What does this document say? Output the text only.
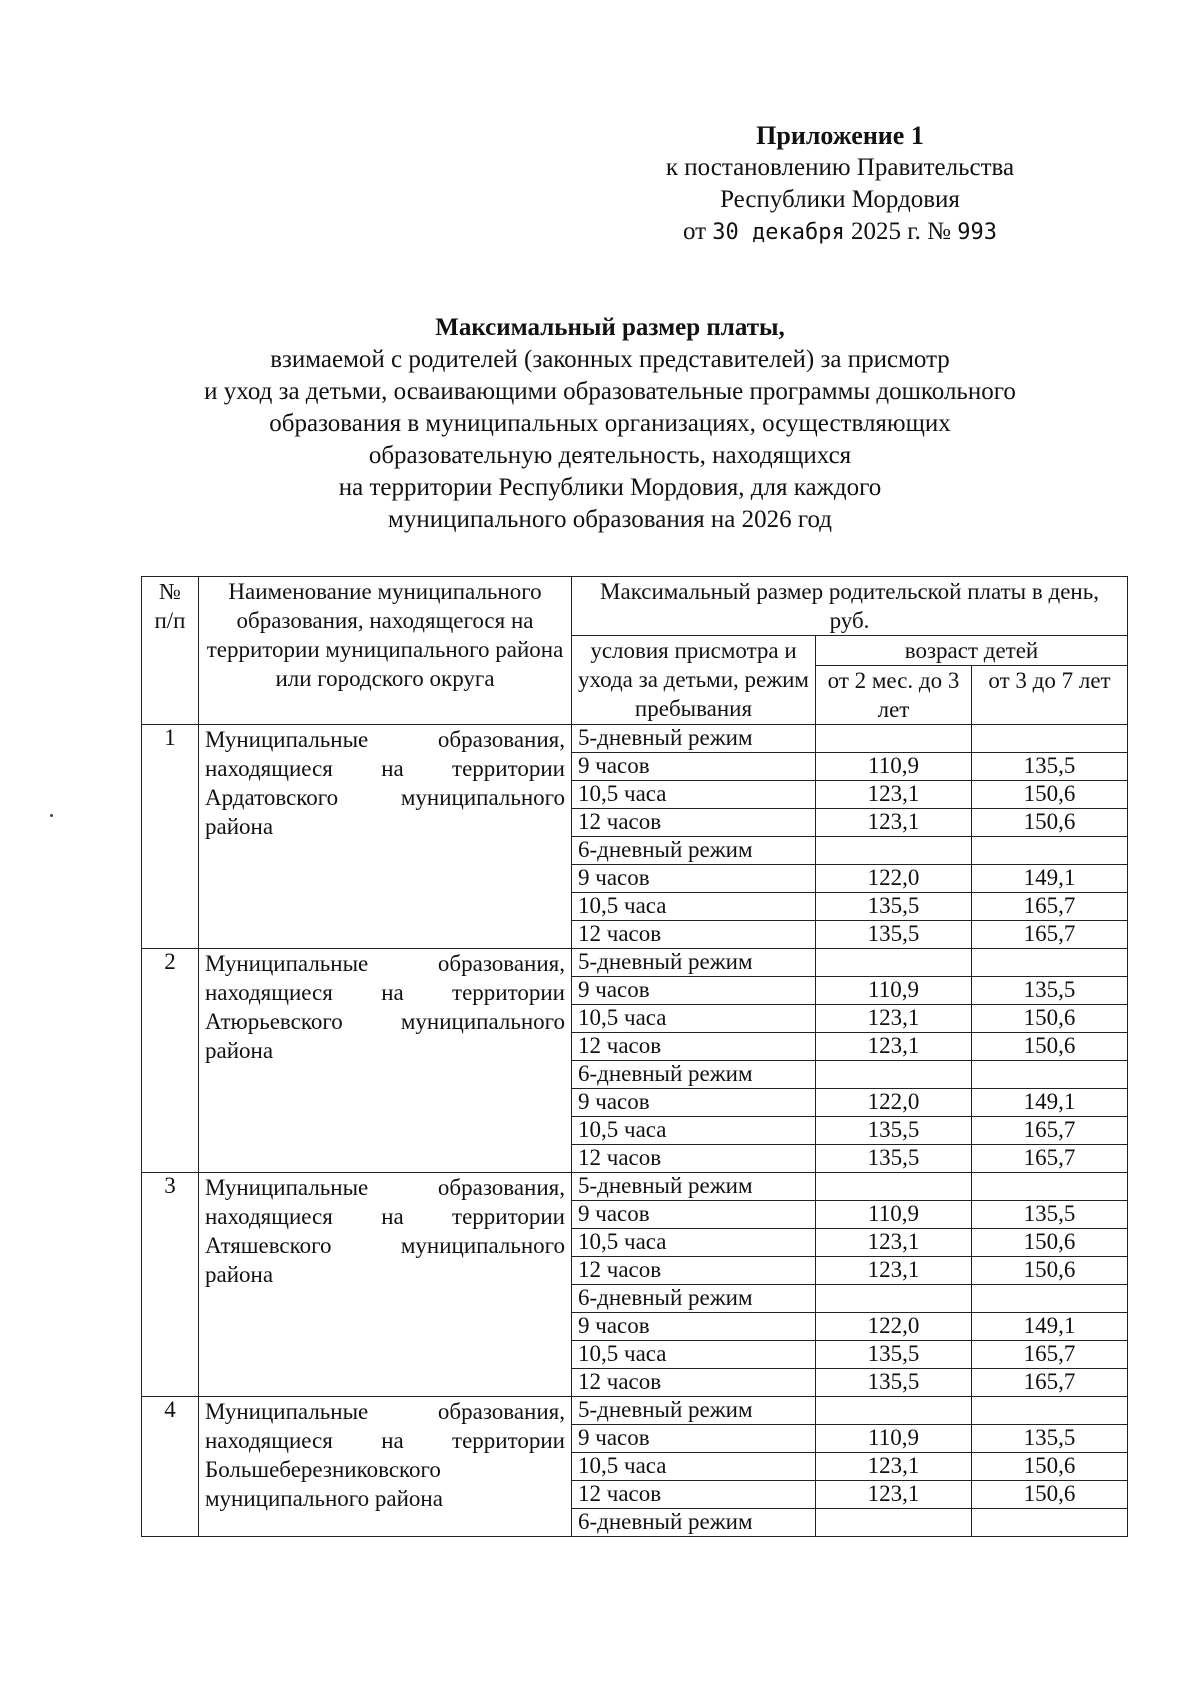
Приложение 1
к постановлению Правительства
Республики Мордовия
от 30 декабря 2025 г. № 993
Максимальный размер платы,
взимаемой с родителей (законных представителей) за присмотр
и уход за детьми, осваивающими образовательные программы дошкольного
образования в муниципальных организациях, осуществляющих
образовательную деятельность, находящихся
на территории Республики Мордовия, для каждого
муниципального образования на 2026 год
№ п/п	Наименование муниципального образования, находящегося на территории муниципального района или городского округа	Максимальный размер родительской платы в день, руб.		
		условия присмотра и ухода за детьми, режим пребывания	возраст детей	
			от 2 мес. до 3 лет	от 3 до 7 лет
1	Муниципальные образования, находящиеся на территории Ардатовского муниципального района	5-дневный режим		
		9 часов	110,9	135,5
		10,5 часа	123,1	150,6
		12 часов	123,1	150,6
		6-дневный режим		
		9 часов	122,0	149,1
		10,5 часа	135,5	165,7
		12 часов	135,5	165,7
2	Муниципальные образования, находящиеся на территории Атюрьевского муниципального района	5-дневный режим		
		9 часов	110,9	135,5
		10,5 часа	123,1	150,6
		12 часов	123,1	150,6
		6-дневный режим		
		9 часов	122,0	149,1
		10,5 часа	135,5	165,7
		12 часов	135,5	165,7
3	Муниципальные образования, находящиеся на территории Атяшевского муниципального района	5-дневный режим		
		9 часов	110,9	135,5
		10,5 часа	123,1	150,6
		12 часов	123,1	150,6
		6-дневный режим		
		9 часов	122,0	149,1
		10,5 часа	135,5	165,7
		12 часов	135,5	165,7
4	Муниципальные образования, находящиеся на территории Большеберезниковского муниципального района	5-дневный режим		
		9 часов	110,9	135,5
		10,5 часа	123,1	150,6
		12 часов	123,1	150,6
		6-дневный режим		
